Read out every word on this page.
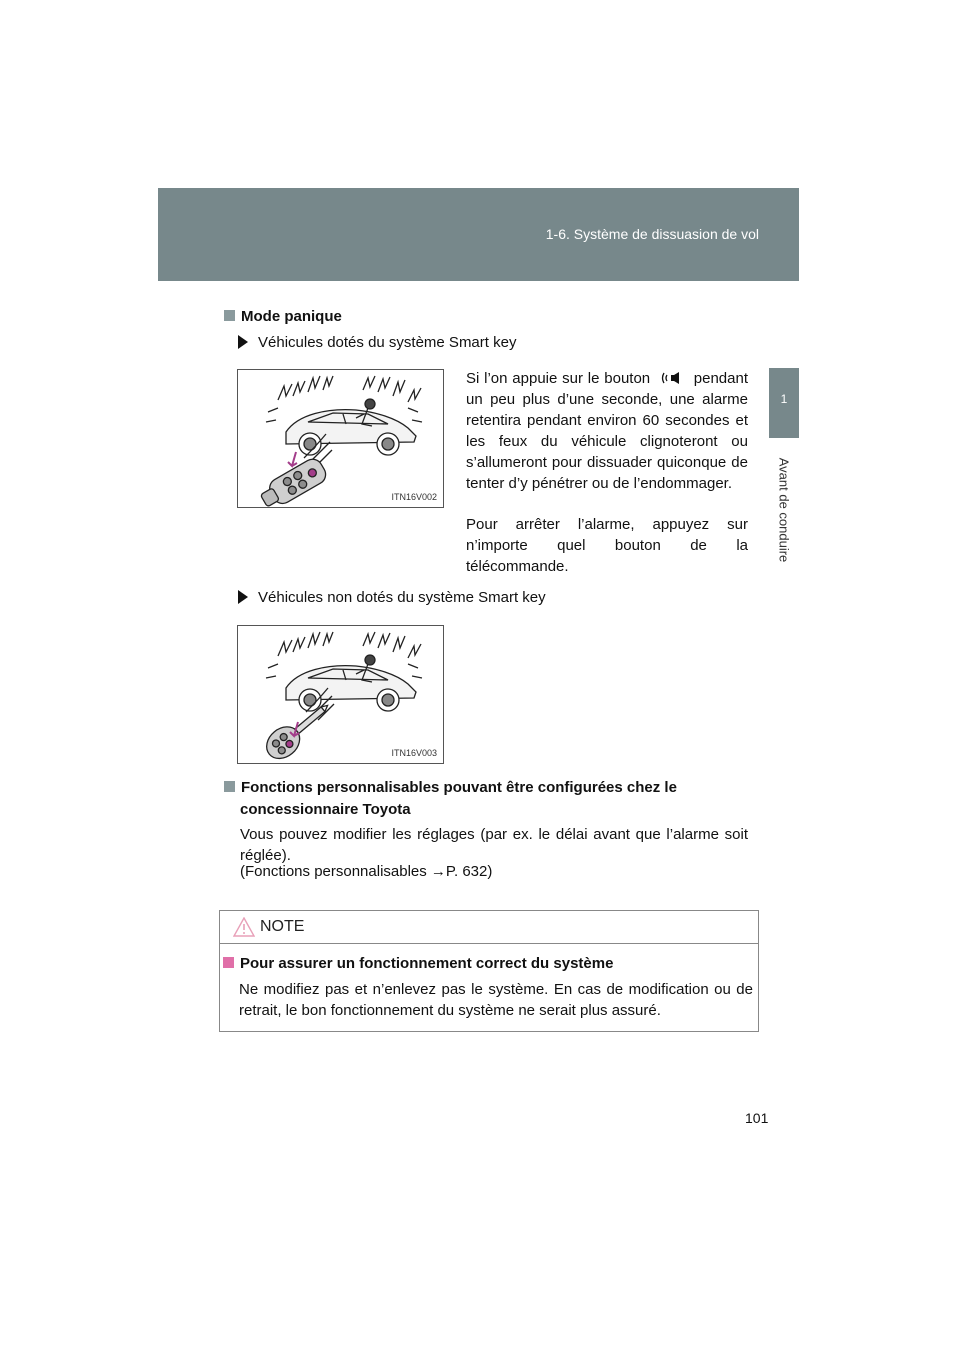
1-6. Système de dissuasion de vol
1
Avant de conduire
Mode panique
Véhicules dotés du système Smart key
ITN16V002
Si l’on appuie sur le bouton	pendant un peu plus d’une seconde, une alarme retentira pendant environ 60 secondes et les feux du véhicule clignoteront ou s’allumeront pour dissuader quiconque de tenter d’y pénétrer ou de l’endommager.
Pour arrêter l’alarme, appuyez sur n’importe quel bouton de la télécommande.
Véhicules non dotés du système Smart key
ITN16V003
Fonctions personnalisables pouvant être configurées chez le
concessionnaire Toyota
Vous pouvez modifier les réglages (par ex. le délai avant que l’alarme soit réglée).
(Fonctions personnalisables →P. 632)
NOTE
Pour assurer un fonctionnement correct du système
Ne modifiez pas et n’enlevez pas le système. En cas de modification ou de retrait, le bon fonctionnement du système ne serait plus assuré.
101
